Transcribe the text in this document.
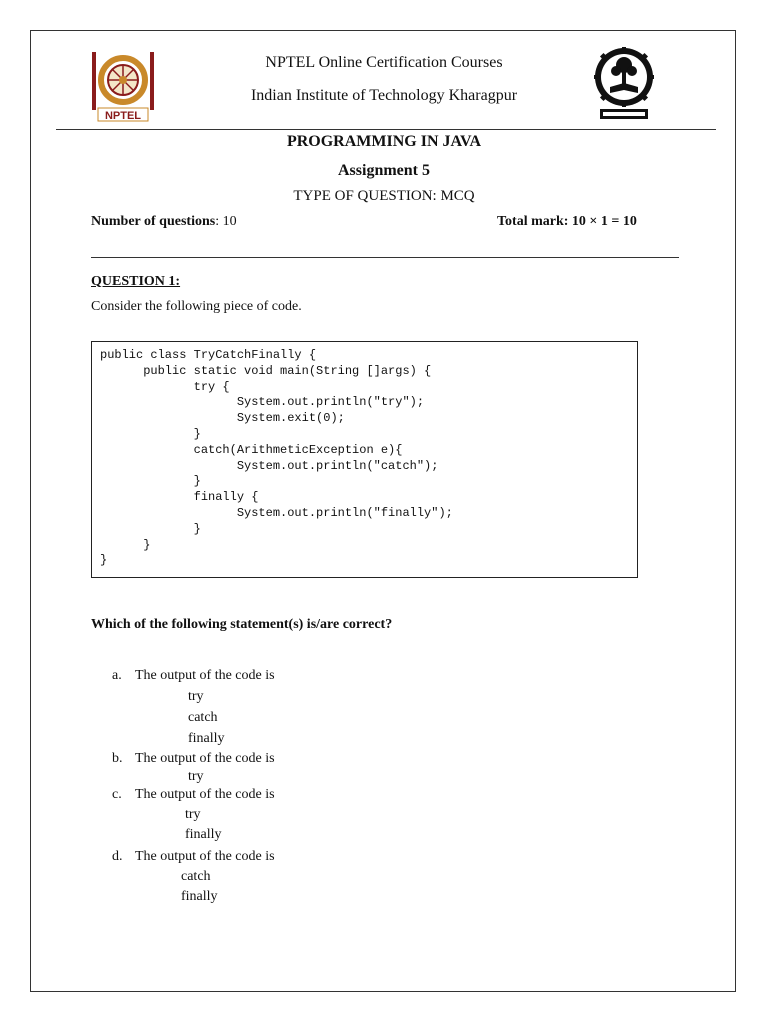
NPTEL
NPTEL Online Certification Courses
Indian Institute of Technology Kharagpur
PROGRAMMING IN JAVA
Assignment 5
TYPE OF QUESTION: MCQ
Number of questions: 10	Total mark: 10 × 1 = 10
QUESTION 1:
Consider the following piece of code.
public class TryCatchFinally {
public static void main(String []args) {
try {
System.out.println("try");
System.exit(0);
}
catch(ArithmeticException e){
System.out.println("catch");
}
finally {
System.out.println("finally");
}
}
}
Which of the following statement(s) is/are correct?
a. The output of the code is
try
catch
finally
b. The output of the code is
try
c. The output of the code is
try
finally
d. The output of the code is
catch
finally
